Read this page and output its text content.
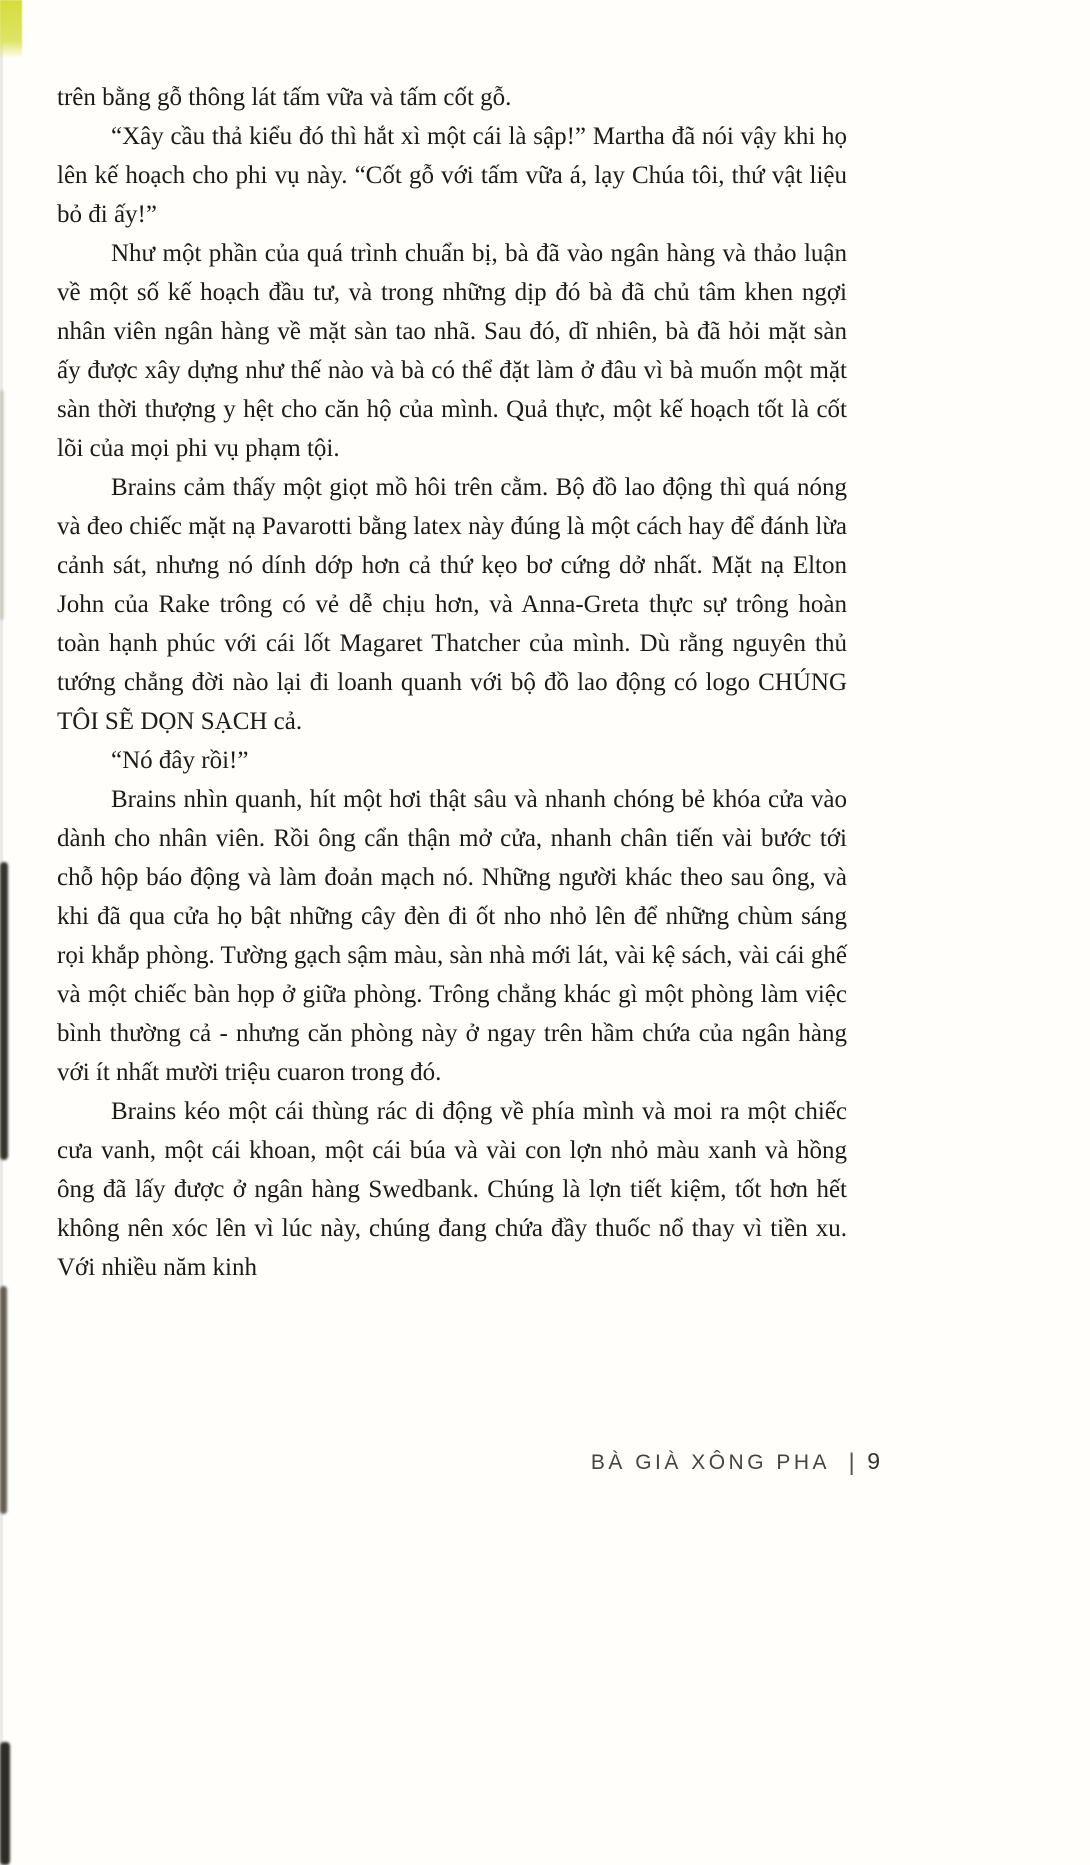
trên bằng gỗ thông lát tấm vữa và tấm cốt gỗ.

“Xây cầu thả kiểu đó thì hắt xì một cái là sập!” Martha đã nói vậy khi họ lên kế hoạch cho phi vụ này. “Cốt gỗ với tấm vữa á, lạy Chúa tôi, thứ vật liệu bỏ đi ấy!”

Như một phần của quá trình chuẩn bị, bà đã vào ngân hàng và thảo luận về một số kế hoạch đầu tư, và trong những dịp đó bà đã chủ tâm khen ngợi nhân viên ngân hàng về mặt sàn tao nhã. Sau đó, dĩ nhiên, bà đã hỏi mặt sàn ấy được xây dựng như thế nào và bà có thể đặt làm ở đâu vì bà muốn một mặt sàn thời thượng y hệt cho căn hộ của mình. Quả thực, một kế hoạch tốt là cốt lõi của mọi phi vụ phạm tội.

Brains cảm thấy một giọt mồ hôi trên cằm. Bộ đồ lao động thì quá nóng và đeo chiếc mặt nạ Pavarotti bằng latex này đúng là một cách hay để đánh lừa cảnh sát, nhưng nó dính dớp hơn cả thứ kẹo bơ cứng dở nhất. Mặt nạ Elton John của Rake trông có vẻ dễ chịu hơn, và Anna-Greta thực sự trông hoàn toàn hạnh phúc với cái lốt Magaret Thatcher của mình. Dù rằng nguyên thủ tướng chẳng đời nào lại đi loanh quanh với bộ đồ lao động có logo CHÚNG TÔI SẼ DỌN SẠCH cả.

“Nó đây rồi!”

Brains nhìn quanh, hít một hơi thật sâu và nhanh chóng bẻ khóa cửa vào dành cho nhân viên. Rồi ông cẩn thận mở cửa, nhanh chân tiến vài bước tới chỗ hộp báo động và làm đoản mạch nó. Những người khác theo sau ông, và khi đã qua cửa họ bật những cây đèn đi ốt nho nhỏ lên để những chùm sáng rọi khắp phòng. Tường gạch sậm màu, sàn nhà mới lát, vài kệ sách, vài cái ghế và một chiếc bàn họp ở giữa phòng. Trông chẳng khác gì một phòng làm việc bình thường cả - nhưng căn phòng này ở ngay trên hầm chứa của ngân hàng với ít nhất mười triệu cuaron trong đó.

Brains kéo một cái thùng rác di động về phía mình và moi ra một chiếc cưa vanh, một cái khoan, một cái búa và vài con lợn nhỏ màu xanh và hồng ông đã lấy được ở ngân hàng Swedbank. Chúng là lợn tiết kiệm, tốt hơn hết không nên xóc lên vì lúc này, chúng đang chứa đầy thuốc nổ thay vì tiền xu. Với nhiều năm kinh

BÀ GIÀ XÔNG PHA | 9
